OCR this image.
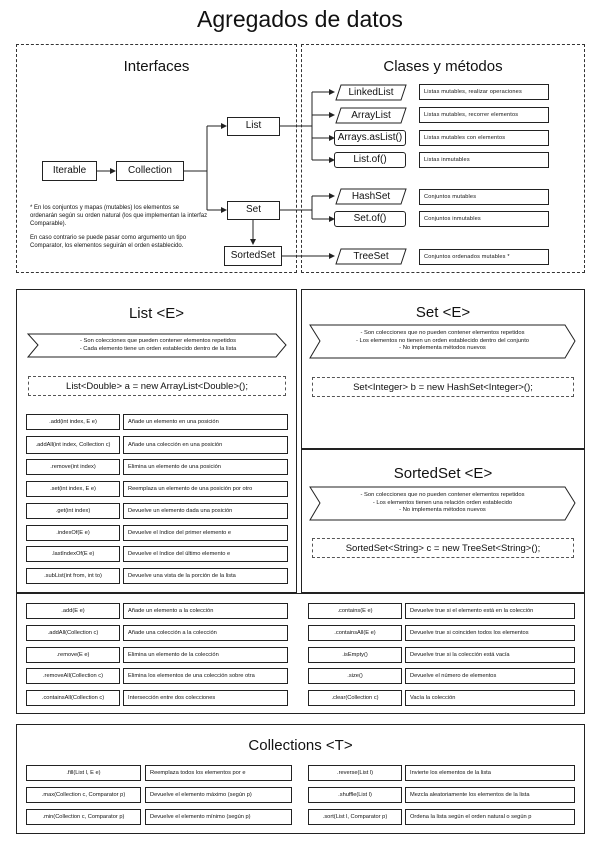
Agregados de datos
Interfaces	Clases y métodos
Iterable	Collection
List
Set
SortedSet
* En los conjuntos y mapas (mutables) los elementos se ordenarán según su orden natural (los que implementan la interfaz Comparable).
En caso contrario se puede pasar como argumento un tipo Comparator, los elementos seguirán el orden establecido.
LinkedList
ArrayList
Arrays.asList()
List.of()
HashSet
Set.of()
TreeSet
Listas mutables, realizar operaciones
Listas mutables, recorrer elementos
Listas mutables con elementos
Listas inmutables
Conjuntos mutables
Conjuntos inmutables
Conjuntos ordenados mutables *
List <E>
- Son colecciones que pueden contener elementos repetidos
- Cada elemento tiene un orden establecido dentro de la lista
List<Double> a = new ArrayList<Double>();
Set <E>
- Son colecciones que no pueden contener elementos repetidos
- Los elementos no tienen un orden establecido dentro del conjunto
- No implementa métodos nuevos
Set<Integer> b = new HashSet<Integer>();
SortedSet <E>
- Son colecciones que no pueden contener elementos repetidos
- Los elementos tienen una relación orden establecido
- No implementa métodos nuevos
SortedSet<String> c = new TreeSet<String>();
.add(int index, E e)	Añade un elemento en una posición
.addAll(int index, Collection c)	Añade una colección en una posición
.remove(int index)	Elimina un elemento de una posición
.set(int index, E e)	Reemplaza un elemento de una posición por otro
.get(int index)	Devuelve un elemento dada una posición
.indexOf(E e)	Devuelve el índice del primer elemento e
.lastIndexOf(E e)	Devuelve el índice del último elemento e
.subList(int from, int to)	Devuelve una vista de la porción de la lista
.add(E e)	Añade un elemento a la colección
.addAll(Collection c)	Añade una colección a la colección
.remove(E e)	Elimina un elemento de la colección
.removeAll(Collection c)	Elimina los elementos de una colección sobre otra
.containsAll(Collection c)	Intersección entre dos colecciones
.contains(E e)	Devuelve true si el elemento está en la colección
.containsAll(E e)	Devuelve true si coinciden todos los elementos
.isEmpty()	Devuelve true si la colección está vacía
.size()	Devuelve el número de elementos
.clear(Collection c)	Vacía la colección
Collections <T>
.fill(List l, E e)	Reemplaza todos los elementos por e
.max(Collection c, Comparator p)	Devuelve el elemento máximo (según p)
.min(Collection c, Comparator p)	Devuelve el elemento mínimo (según p)
.reverse(List l)	Invierte los elementos de la lista
.shuffle(List l)	Mezcla aleatoriamente los elementos de la lista
.sort(List l, Comparator p)	Ordena la lista según el orden natural o según p
